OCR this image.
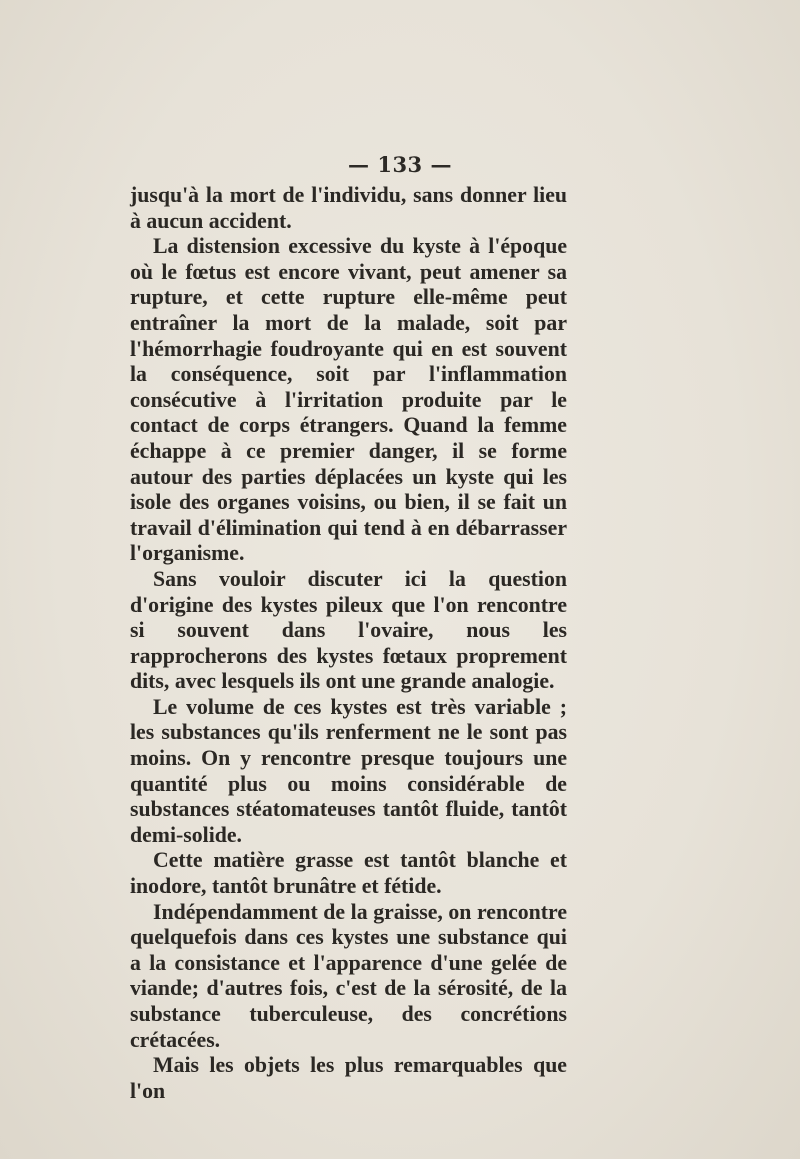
— 133 —

jusqu'à la mort de l'individu, sans donner lieu à aucun accident.

La distension excessive du kyste à l'époque où le fœtus est encore vivant, peut amener sa rupture, et cette rupture elle-même peut entraîner la mort de la malade, soit par l'hémorrhagie foudroyante qui en est souvent la conséquence, soit par l'inflammation consécutive à l'irritation produite par le contact de corps étrangers. Quand la femme échappe à ce premier danger, il se forme autour des parties déplacées un kyste qui les isole des organes voisins, ou bien, il se fait un travail d'élimination qui tend à en débarrasser l'organisme.

Sans vouloir discuter ici la question d'origine des kystes pileux que l'on rencontre si souvent dans l'ovaire, nous les rapprocherons des kystes fœtaux proprement dits, avec lesquels ils ont une grande analogie.

Le volume de ces kystes est très variable ; les substances qu'ils renferment ne le sont pas moins. On y rencontre presque toujours une quantité plus ou moins considérable de substances stéatomateuses tantôt fluide, tantôt demi-solide.

Cette matière grasse est tantôt blanche et inodore, tantôt brunâtre et fétide.

Indépendamment de la graisse, on rencontre quelquefois dans ces kystes une substance qui a la consistance et l'apparence d'une gelée de viande; d'autres fois, c'est de la sérosité, de la substance tuberculeuse, des concrétions crétacées.

Mais les objets les plus remarquables que l'on
